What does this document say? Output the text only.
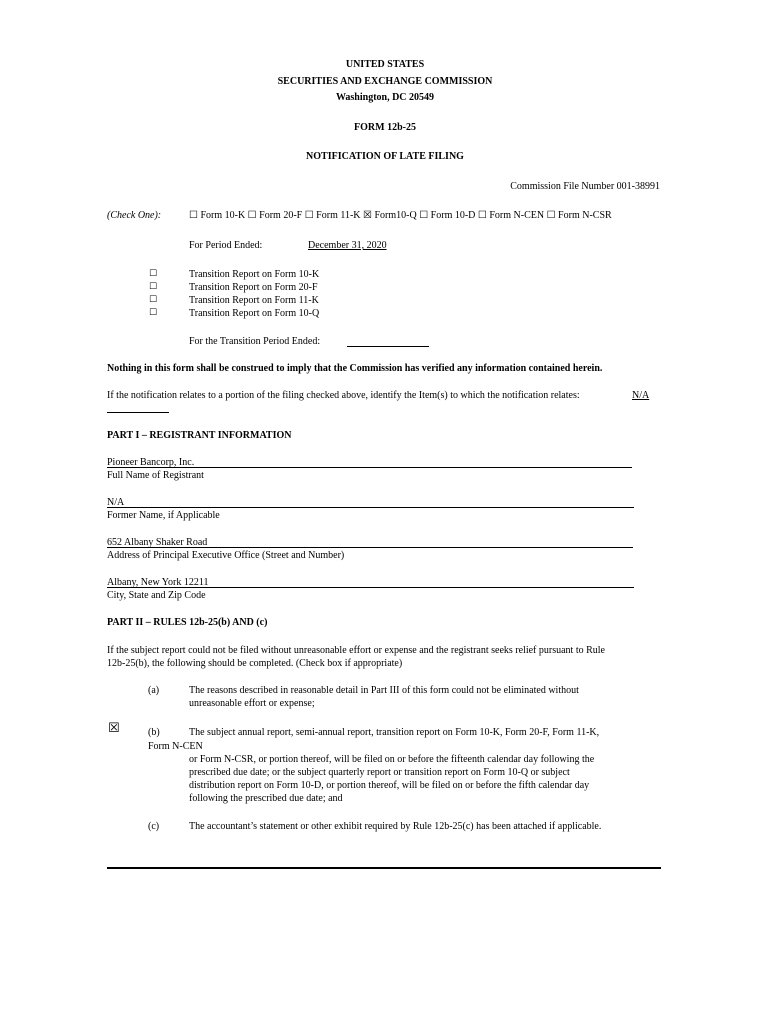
UNITED STATES
SECURITIES AND EXCHANGE COMMISSION
Washington, DC 20549
FORM 12b-25
NOTIFICATION OF LATE FILING
Commission File Number 001-38991
(Check One):	☐ Form 10-K ☐ Form 20-F ☐ Form 11-K ☒ Form10-Q ☐ Form 10-D ☐ Form N-CEN ☐ Form N-CSR
For Period Ended:	December 31, 2020
☐	Transition Report on Form 10-K
☐	Transition Report on Form 20-F
☐	Transition Report on Form 11-K
☐	Transition Report on Form 10-Q
For the Transition Period Ended:
Nothing in this form shall be construed to imply that the Commission has verified any information contained herein.
If the notification relates to a portion of the filing checked above, identify the Item(s) to which the notification relates:	N/A
PART I – REGISTRANT INFORMATION
Pioneer Bancorp, Inc.
Full Name of Registrant
N/A
Former Name, if Applicable
652 Albany Shaker Road
Address of Principal Executive Office (Street and Number)
Albany, New York 12211
City, State and Zip Code
PART II – RULES 12b-25(b) AND (c)
If the subject report could not be filed without unreasonable effort or expense and the registrant seeks relief pursuant to Rule
12b-25(b), the following should be completed. (Check box if appropriate)
(a)	The reasons described in reasonable detail in Part III of this form could not be eliminated without
unreasonable effort or expense;
☒	(b)	The subject annual report, semi-annual report, transition report on Form 10-K, Form 20-F, Form 11-K,
Form N-CEN
or Form N-CSR, or portion thereof, will be filed on or before the fifteenth calendar day following the
prescribed due date; or the subject quarterly report or transition report on Form 10-Q or subject
distribution report on Form 10-D, or portion thereof, will be filed on or before the fifth calendar day
following the prescribed due date; and
(c)	The accountant’s statement or other exhibit required by Rule 12b-25(c) has been attached if applicable.
